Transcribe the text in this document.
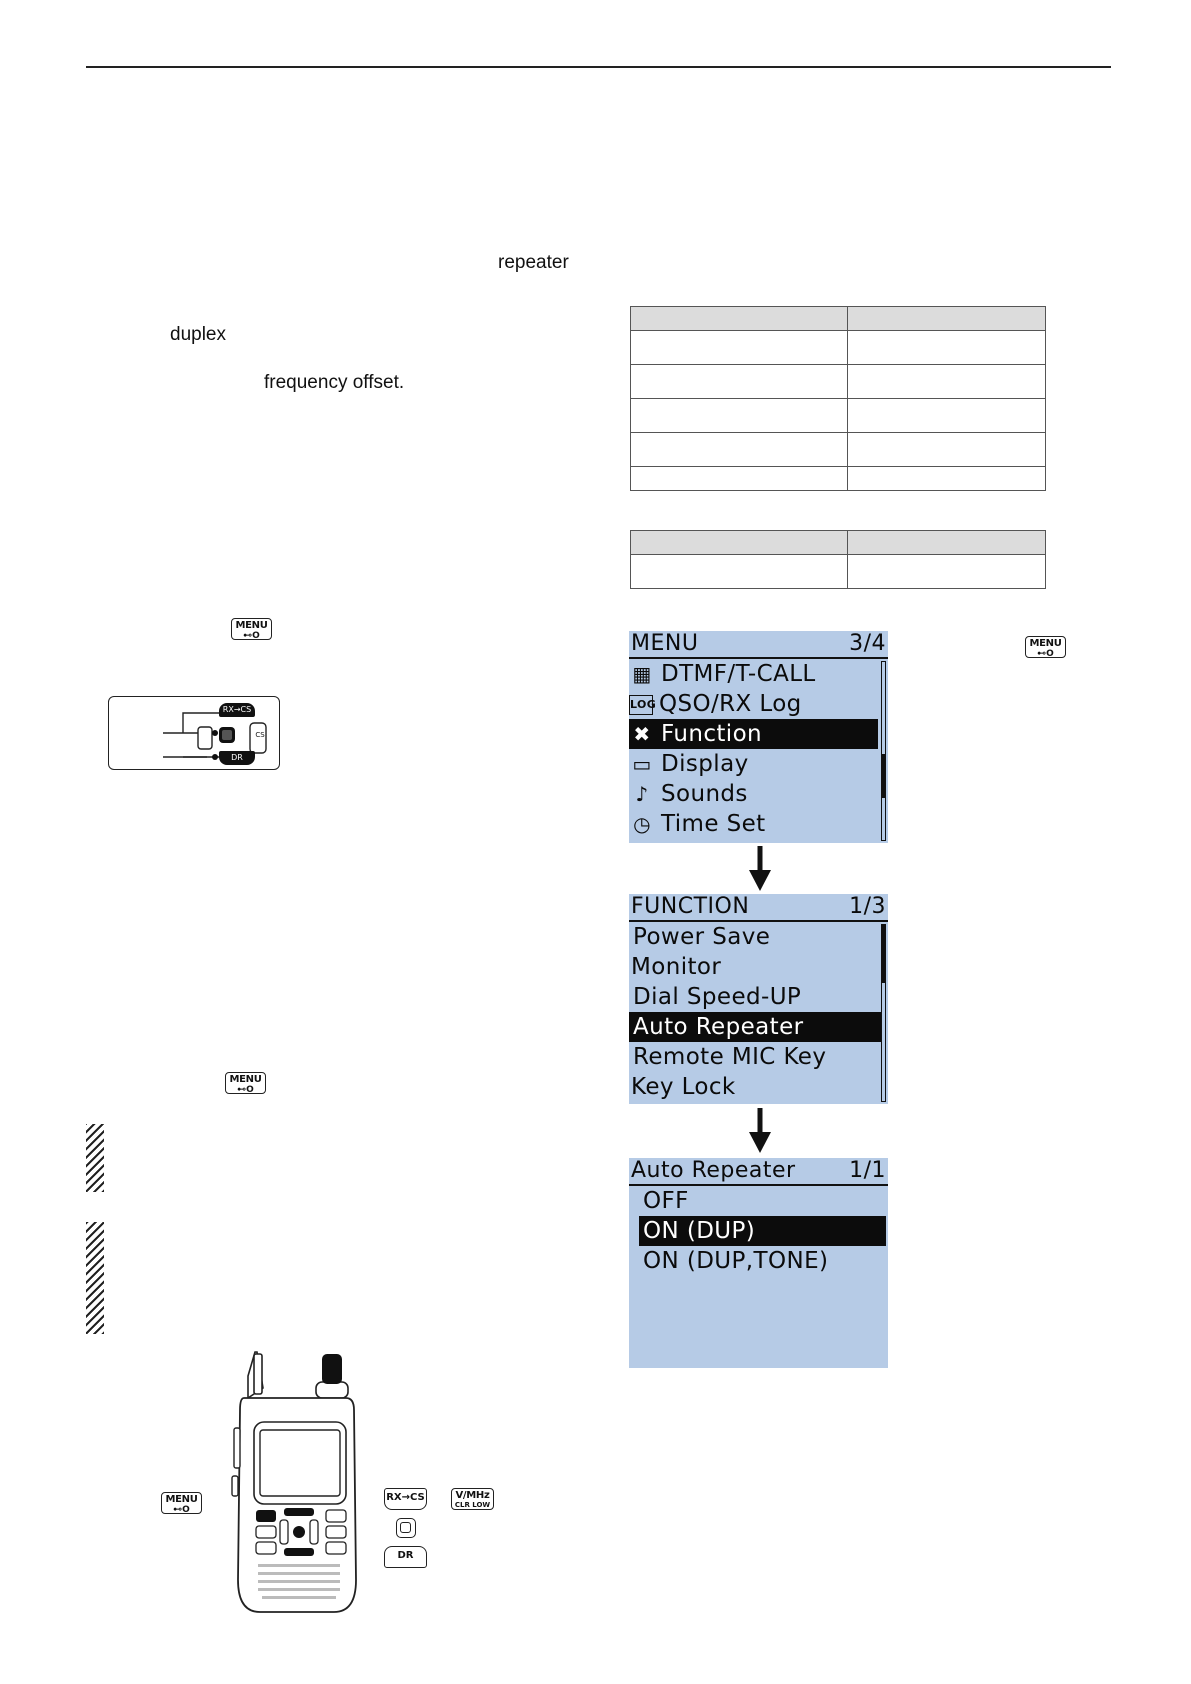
repeater
duplex
frequency offset.

MENU
⊷O
MENU
⊷O
MENU
⊷O
MENU
⊷O
RX→CS
CS
DR
MENU	3/4
▦ DTMF/T-CALL
LOG QSO/RX Log
✖ Function
▭ Display
♪ Sounds
◷ Time Set
FUNCTION	1/3
Power Save
Monitor
Dial Speed-UP
Auto Repeater
Remote MIC Key
Key Lock
Auto Repeater 1/1
OFF
ON (DUP)
ON (DUP,TONE)
RX→CS	V/MHz
CLR LOW
DR
